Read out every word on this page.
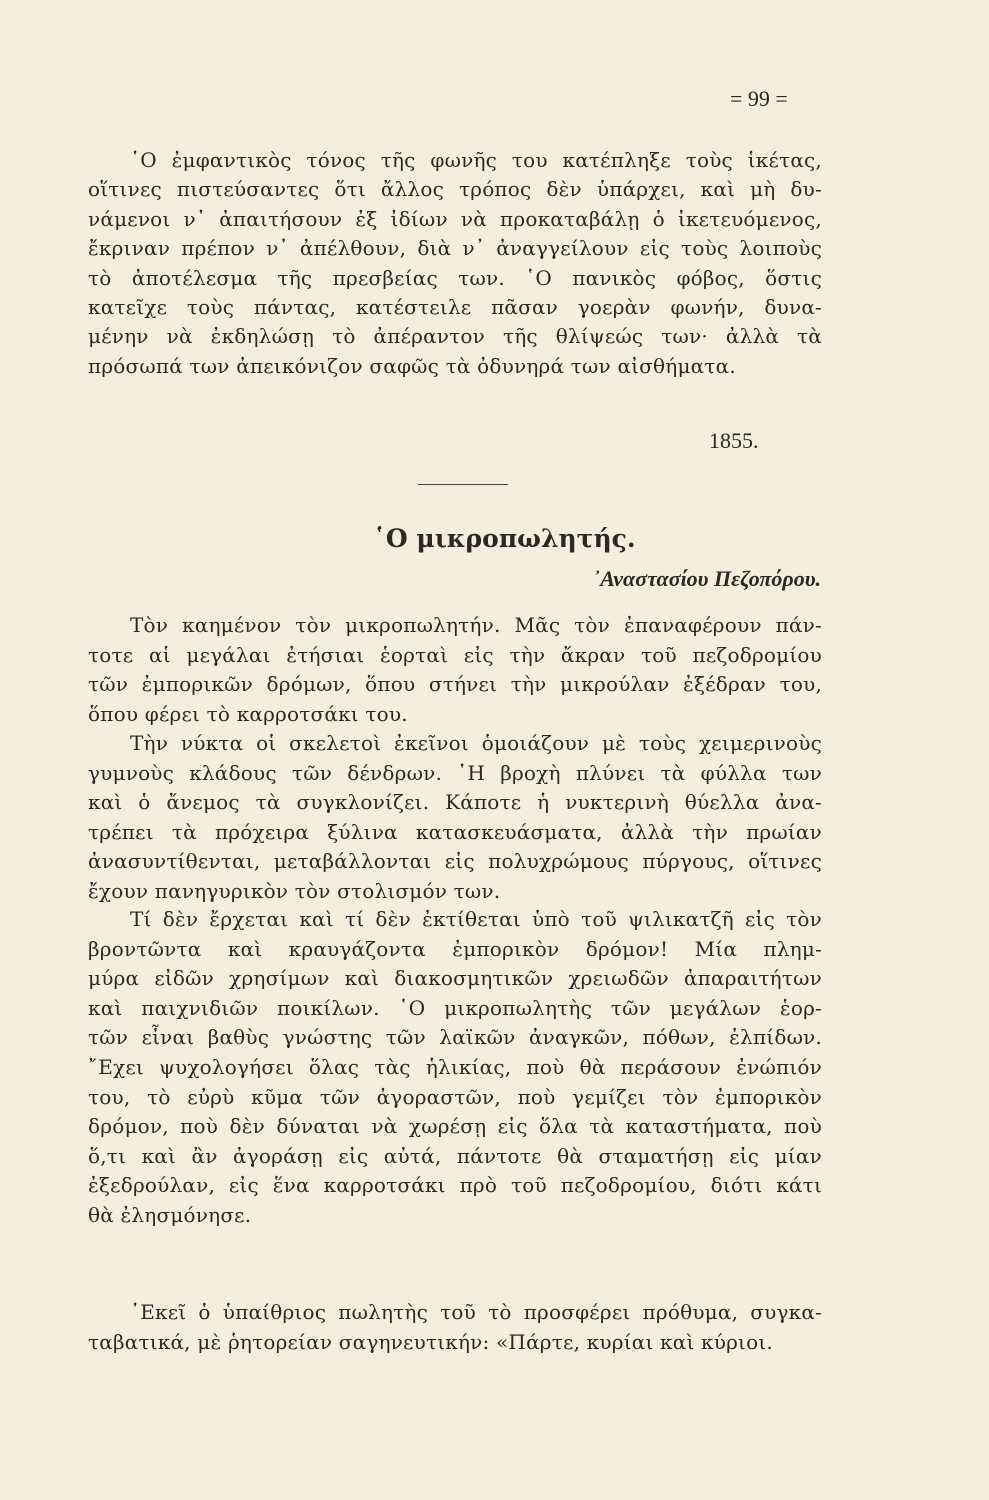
= 99 =
῾Ο ἐμφαντικὸς τόνος τῆς φωνῆς του κατέπληξε τοὺς ἱκέτας,
οἵτινες πιστεύσαντες ὅτι ἄλλος τρόπος δὲν ὑπάρχει, καὶ μὴ δυ-
νάμενοι ν᾽ ἀπαιτήσουν ἐξ ἰδίων νὰ προκαταβάλῃ ὁ ἱκετευόμενος,
ἔκριναν πρέπον ν᾽ ἀπέλθουν, διὰ ν᾽ ἀναγγείλουν εἰς τοὺς λοιποὺς
τὸ ἀποτέλεσμα τῆς πρεσβείας των. ῾Ο πανικὸς φόβος, ὅστις
κατεῖχε τοὺς πάντας, κατέστειλε πᾶσαν γοερὰν φωνήν, δυνα-
μένην νὰ ἐκδηλώσῃ τὸ ἀπέραντον τῆς θλίψεώς των· ἀλλὰ τὰ
πρόσωπά των ἀπεικόνιζον σαφῶς τὰ ὀδυνηρά των αἰσθήματα.
1855.
῾Ο μικροπωλητής.
᾿Αναστασίου Πεζοπόρου.
Τὸν καημένον τὸν μικροπωλητήν. Μᾶς τὸν ἐπαναφέρουν πάν-
τοτε αἱ μεγάλαι ἐτήσιαι ἑορταὶ εἰς τὴν ἄκραν τοῦ πεζοδρομίου
τῶν ἐμπορικῶν δρόμων, ὅπου στήνει τὴν μικρούλαν ἐξέδραν του,
ὅπου φέρει τὸ καρροτσάκι του.
Τὴν νύκτα οἱ σκελετοὶ ἐκεῖνοι ὁμοιάζουν μὲ τοὺς χειμερινοὺς
γυμνοὺς κλάδους τῶν δένδρων. ῾Η βροχὴ πλύνει τὰ φύλλα των
καὶ ὁ ἄνεμος τὰ συγκλονίζει. Κάποτε ἡ νυκτερινὴ θύελλα ἀνα-
τρέπει τὰ πρόχειρα ξύλινα κατασκευάσματα, ἀλλὰ τὴν πρωίαν
ἀνασυντίθενται, μεταβάλλονται εἰς πολυχρώμους πύργους, οἵτινες
ἔχουν πανηγυρικὸν τὸν στολισμόν των.
Τί δὲν ἔρχεται καὶ τί δὲν ἐκτίθεται ὑπὸ τοῦ ψιλικατζῆ εἰς τὸν
βροντῶντα καὶ κραυγάζοντα ἐμπορικὸν δρόμον! Μία πλημ-
μύρα εἰδῶν χρησίμων καὶ διακοσμητικῶν χρειωδῶν ἀπαραιτήτων
καὶ παιχνιδιῶν ποικίλων. ῾Ο μικροπωλητὴς τῶν μεγάλων ἑορ-
τῶν εἶναι βαθὺς γνώστης τῶν λαϊκῶν ἀναγκῶν, πόθων, ἐλπίδων.
῎Εχει ψυχολογήσει ὅλας τὰς ἡλικίας, ποὺ θὰ περάσουν ἐνώπιόν
του, τὸ εὐρὺ κῦμα τῶν ἀγοραστῶν, ποὺ γεμίζει τὸν ἐμπορικὸν
δρόμον, ποὺ δὲν δύναται νὰ χωρέσῃ εἰς ὅλα τὰ καταστήματα, ποὺ
ὅ,τι καὶ ἂν ἀγοράσῃ εἰς αὐτά, πάντοτε θὰ σταματήσῃ εἰς μίαν
ἐξεδρούλαν, εἰς ἕνα καρροτσάκι πρὸ τοῦ πεζοδρομίου, διότι κάτι
θὰ ἐλησμόνησε.
᾿Εκεῖ ὁ ὑπαίθριος πωλητὴς τοῦ τὸ προσφέρει πρόθυμα, συγκα-
ταβατικά, μὲ ῥητορείαν σαγηνευτικήν: «Πάρτε, κυρίαι καὶ κύριοι.
